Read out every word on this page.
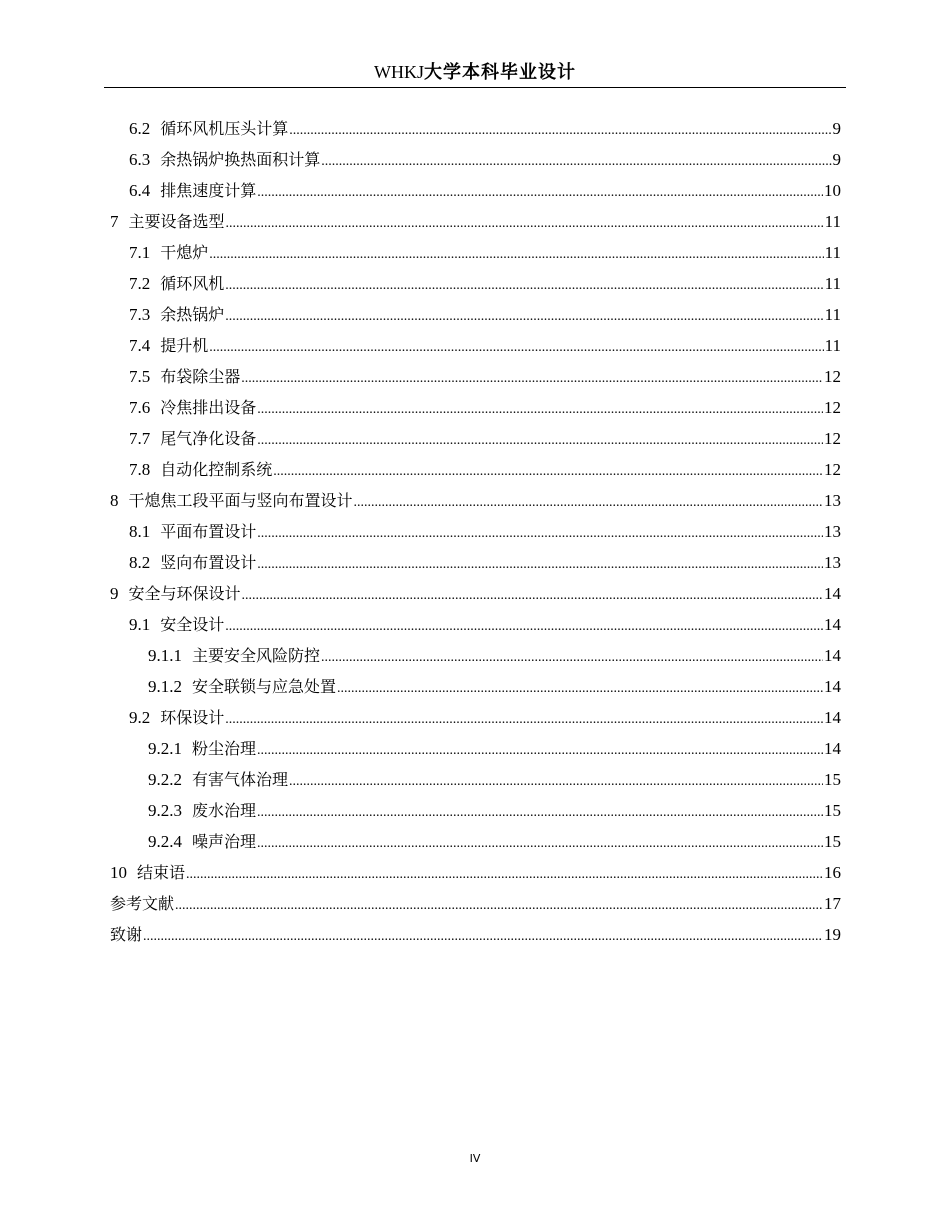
WHKJ大学本科毕业设计
6.2 循环风机压头计算 .....	9
6.3 余热锅炉换热面积计算 .....	9
6.4 排焦速度计算 .....	10
7 主要设备选型 .....	11
7.1 干熄炉 .....	11
7.2 循环风机 .....	11
7.3 余热锅炉 .....	11
7.4 提升机 .....	11
7.5 布袋除尘器 .....	12
7.6 冷焦排出设备 .....	12
7.7 尾气净化设备 .....	12
7.8 自动化控制系统 .....	12
8 干熄焦工段平面与竖向布置设计 .....	13
8.1 平面布置设计 .....	13
8.2 竖向布置设计 .....	13
9 安全与环保设计 .....	14
9.1 安全设计 .....	14
9.1.1 主要安全风险防控 .....	14
9.1.2 安全联锁与应急处置 .....	14
9.2 环保设计 .....	14
9.2.1 粉尘治理 .....	14
9.2.2 有害气体治理 .....	15
9.2.3 废水治理 .....	15
9.2.4 噪声治理 .....	15
10 结束语 .....	16
参考文献 .....	17
致谢 .....	19
IV
